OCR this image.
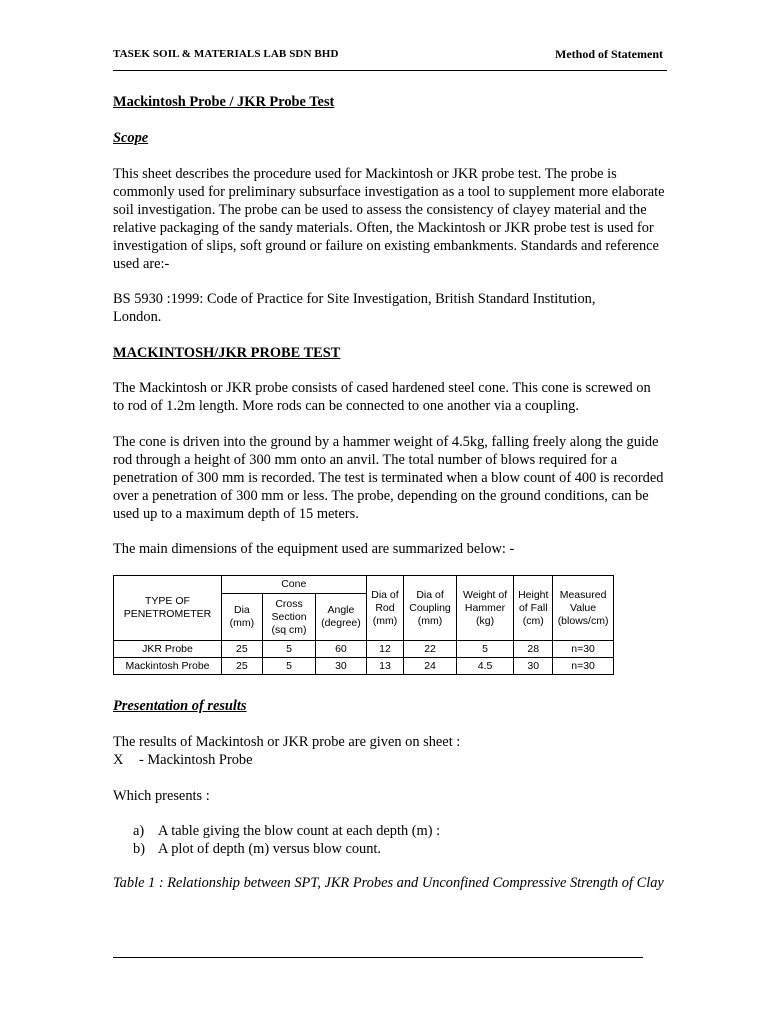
TASEK SOIL & MATERIALS LAB SDN BHD	Method of Statement
Mackintosh Probe / JKR Probe Test
Scope
This sheet describes the procedure used for Mackintosh or JKR probe test. The probe is commonly used for preliminary subsurface investigation as a tool to supplement more elaborate soil investigation. The probe can be used to assess the consistency of clayey material and the relative packaging of the sandy materials. Often, the Mackintosh or JKR probe test is used for investigation of slips, soft ground or failure on existing embankments. Standards and reference used are:-
BS 5930 :1999: Code of Practice for Site Investigation, British Standard Institution, London.
MACKINTOSH/JKR PROBE TEST
The Mackintosh or JKR probe consists of cased hardened steel cone. This cone is screwed on to rod of 1.2m length. More rods can be connected to one another via a coupling.
The cone is driven into the ground by a hammer weight of 4.5kg, falling freely along the guide rod through a height of 300 mm onto an anvil. The total number of blows required for a penetration of 300 mm is recorded. The test is terminated when a blow count of 400 is recorded over a penetration of 300 mm or less. The probe, depending on the ground conditions, can be used up to a maximum depth of 15 meters.
The main dimensions of the equipment used are summarized below: -
TYPE OF PENETROMETER	Cone			Dia of Rod (mm)	Dia of Coupling (mm)	Weight of Hammer (kg)	Height of Fall (cm)	Measured Value (blows/cm)
	Dia (mm)	Cross Section (sq cm)	Angle (degree)					
JKR Probe	25	5	60	12	22	5	28	n=30
Mackintosh Probe	25	5	30	13	24	4.5	30	n=30
Presentation of results
The results of Mackintosh or JKR probe are given on sheet :
X - Mackintosh Probe
Which presents :
a) A table giving the blow count at each depth (m) :
b) A plot of depth (m) versus blow count.
Table 1 : Relationship between SPT, JKR Probes and Unconfined Compressive Strength of Clay
